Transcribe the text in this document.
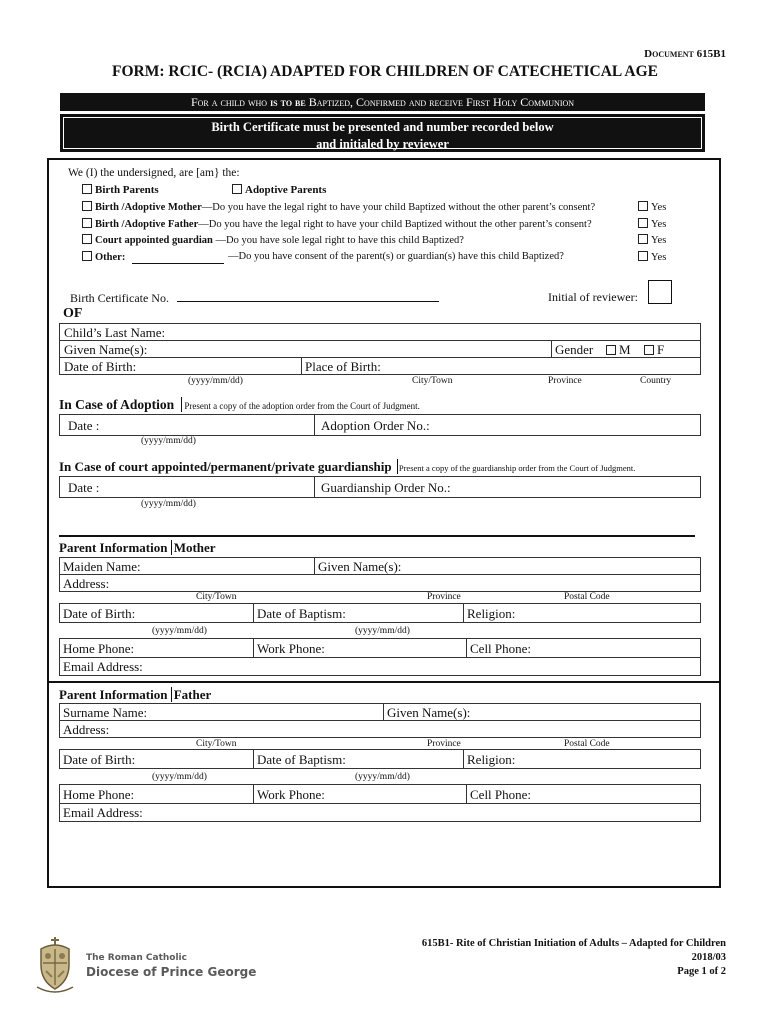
Document 615B1
FORM: RCIC- (RCIA) ADAPTED FOR CHILDREN OF CATECHETICAL AGE
For a child who is to be Baptized, Confirmed and receive First Holy Communion
Birth Certificate must be presented and number recorded below
and initialed by reviewer
We (I) the undersigned, are [am} the:
Birth Parents	Adoptive Parents
Birth /Adoptive Mother—Do you have the legal right to have your child Baptized without the other parent’s consent?	Yes
Birth /Adoptive Father—Do you have the legal right to have your child Baptized without the other parent’s consent?	Yes
Court appointed guardian —Do you have sole legal right to have this child Baptized?	Yes
Other:	—Do you have consent of the parent(s) or guardian(s) have this child Baptized?	Yes
Birth Certificate No.	Initial of reviewer:
OF
Child’s Last Name:
Given Name(s):	Gender	M	F
Date of Birth:	Place of Birth:
(yyyy/mm/dd)	City/Town	Province	Country
In Case of Adoption Present a copy of the adoption order from the Court of Judgment.
Date :	Adoption Order No.:
(yyyy/mm/dd)
In Case of court appointed/permanent/private guardianship Present a copy of the guardianship order from the Court of Judgment.
Date :	Guardianship Order No.:
(yyyy/mm/dd)
Parent Information Mother
Maiden Name:	Given Name(s):
Address:
City/Town	Province	Postal Code
Date of Birth:	Date of Baptism:	Religion:
(yyyy/mm/dd)	(yyyy/mm/dd)
Home Phone:	Work Phone:	Cell Phone:
Email Address:
Parent Information Father
Surname Name:	Given Name(s):
Address:
City/Town	Province	Postal Code
Date of Birth:	Date of Baptism:	Religion:
(yyyy/mm/dd)	(yyyy/mm/dd)
Home Phone:	Work Phone:	Cell Phone:
Email Address:
The Roman Catholic
Diocese of Prince George
615B1- Rite of Christian Initiation of Adults – Adapted for Children
2018/03
Page 1 of 2
